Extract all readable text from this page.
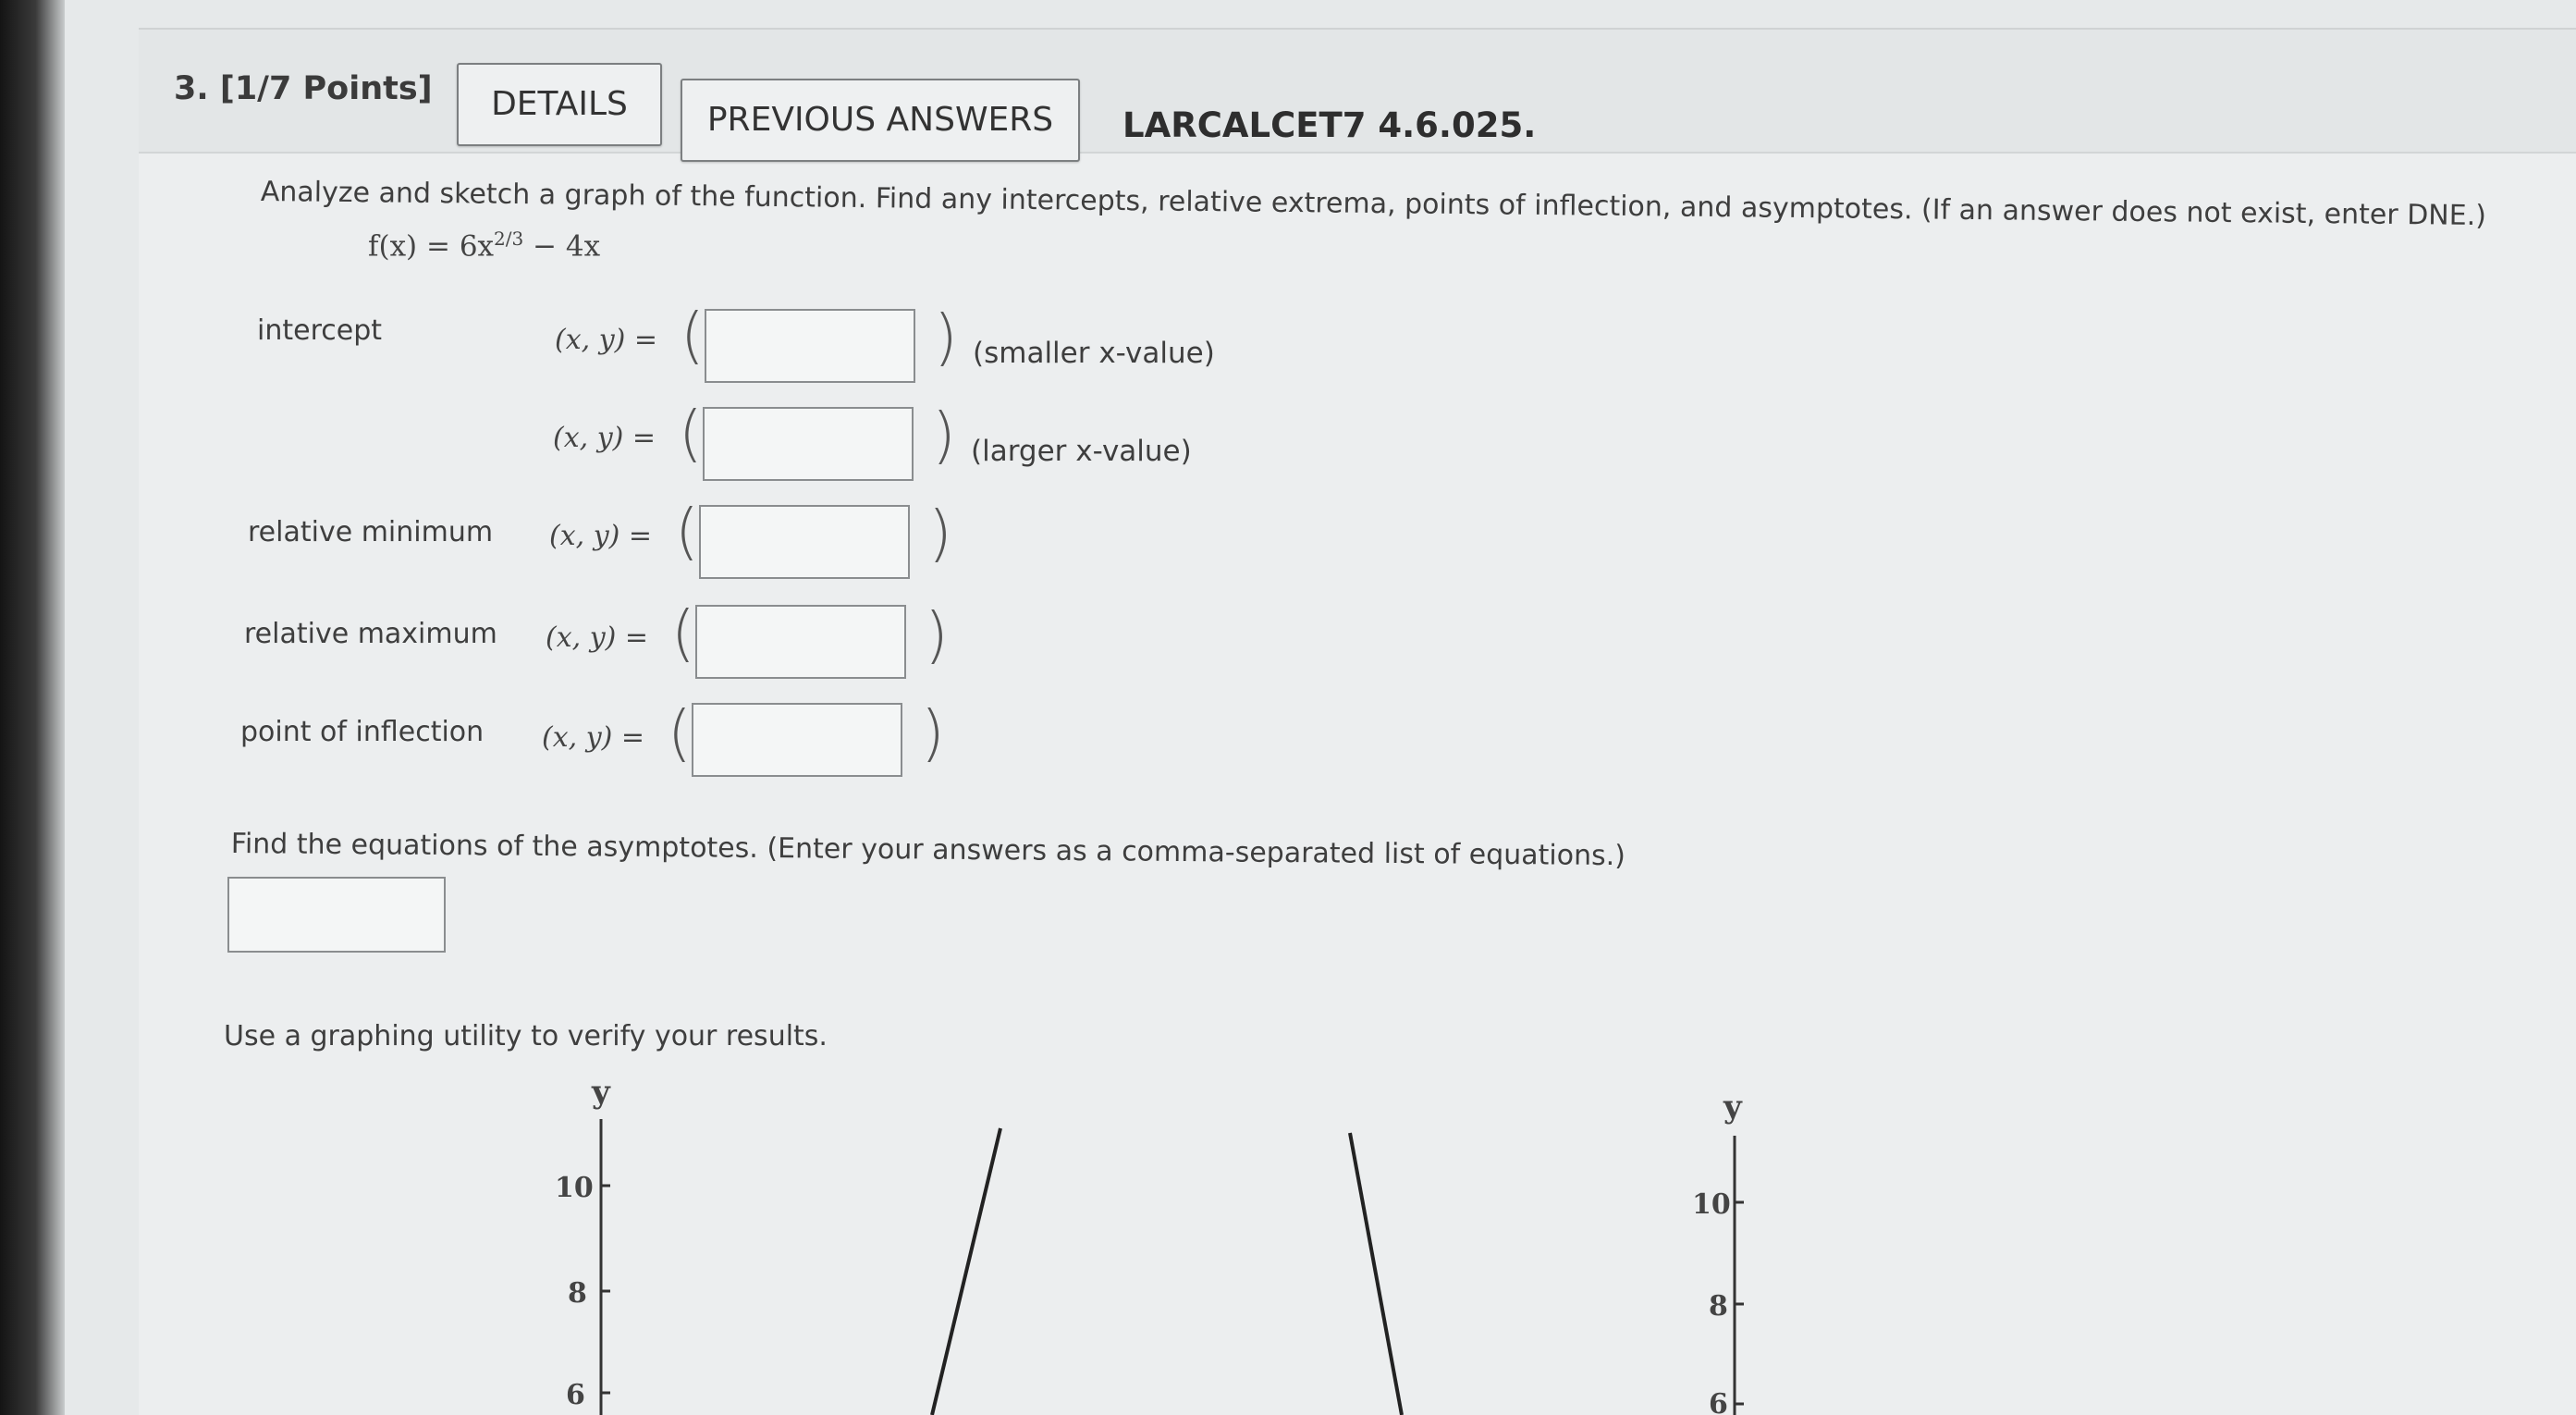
3. [1/7 Points]	DETAILS	PREVIOUS ANSWERS	LARCALCET7 4.6.025.
Analyze and sketch a graph of the function. Find any intercepts, relative extrema, points of inflection, and asymptotes. (If an answer does not exist, enter DNE.)
$f(x) = 6x^{2/3} - 4x$
intercept	(x, y) = (	) (smaller x-value)
(x, y) = (	) (larger x-value)
relative minimum (x, y) = (	)
relative maximum (x, y) = (	)
point of inflection (x, y) = (	)
Find the equations of the asymptotes. (Enter your answers as a comma-separated list of equations.)
Use a graphing utility to verify your results.
y
10
8
6
y
10
8
6
